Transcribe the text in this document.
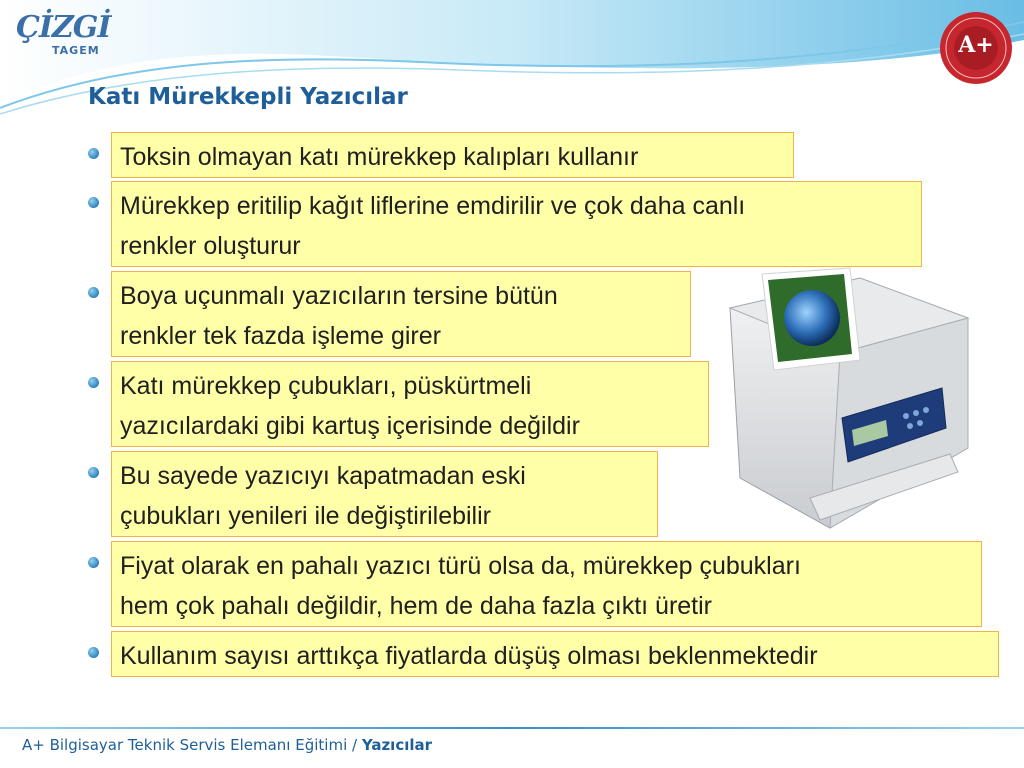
ÇİZGİ
TAGEM	A+
Katı Mürekkepli Yazıcılar
Toksin olmayan katı mürekkep kalıpları kullanır
Mürekkep eritilip kağıt liflerine emdirilir ve çok daha canlı
renkler oluşturur
Boya uçunmalı yazıcıların tersine bütün
renkler tek fazda işleme girer
Katı mürekkep çubukları, püskürtmeli
yazıcılardaki gibi kartuş içerisinde değildir
Bu sayede yazıcıyı kapatmadan eski
çubukları yenileri ile değiştirilebilir
Fiyat olarak en pahalı yazıcı türü olsa da, mürekkep çubukları
hem çok pahalı değildir, hem de daha fazla çıktı üretir
Kullanım sayısı arttıkça fiyatlarda düşüş olması beklenmektedir
A+ Bilgisayar Teknik Servis Elemanı Eğitimi / Yazıcılar
